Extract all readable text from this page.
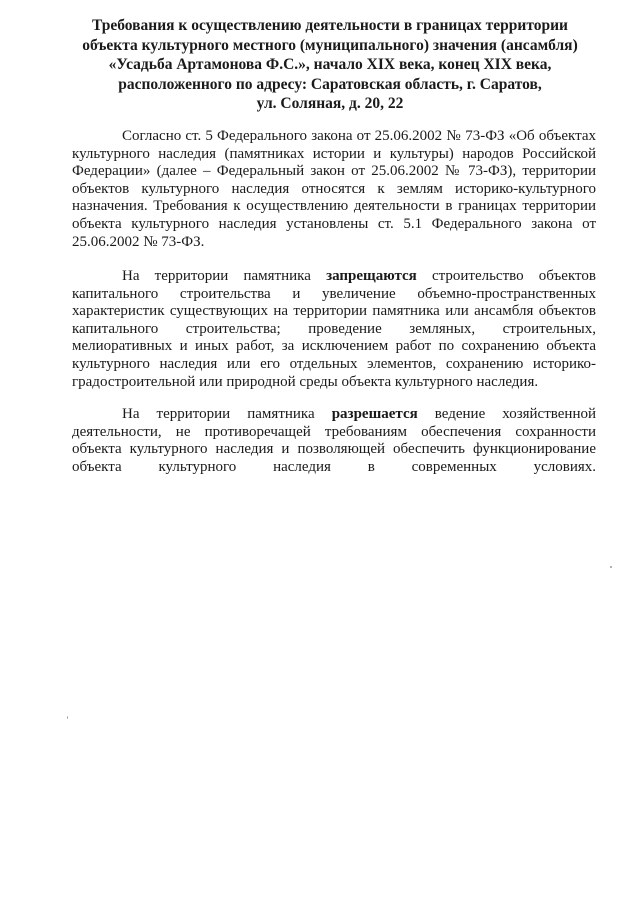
Требования к осуществлению деятельности в границах территории
объекта культурного местного (муниципального) значения (ансамбля)
«Усадьба Артамонова Ф.С.», начало XIX века, конец XIX века,
расположенного по адресу: Саратовская область, г. Саратов,
ул. Соляная, д. 20, 22
Согласно ст. 5 Федерального закона от 25.06.2002 № 73-ФЗ «Об объектах
культурного наследия (памятниках истории и культуры) народов Российской
Федерации» (далее – Федеральный закон от 25.06.2002 № 73-ФЗ), территории
объектов культурного наследия относятся к землям историко-культурного
назначения. Требования к осуществлению деятельности в границах территории
объекта культурного наследия установлены ст. 5.1 Федерального закона от
25.06.2002 № 73-ФЗ.
На территории памятника запрещаются строительство объектов
капитального строительства и увеличение объемно-пространственных
характеристик существующих на территории памятника или ансамбля объектов
капитального строительства; проведение земляных, строительных,
мелиоративных и иных работ, за исключением работ по сохранению объекта
культурного наследия или его отдельных элементов, сохранению историко-
градостроительной или природной среды объекта культурного наследия.
На территории памятника разрешается ведение хозяйственной
деятельности, не противоречащей требованиям обеспечения сохранности
объекта культурного наследия и позволяющей обеспечить функционирование
объекта культурного наследия в современных условиях.
